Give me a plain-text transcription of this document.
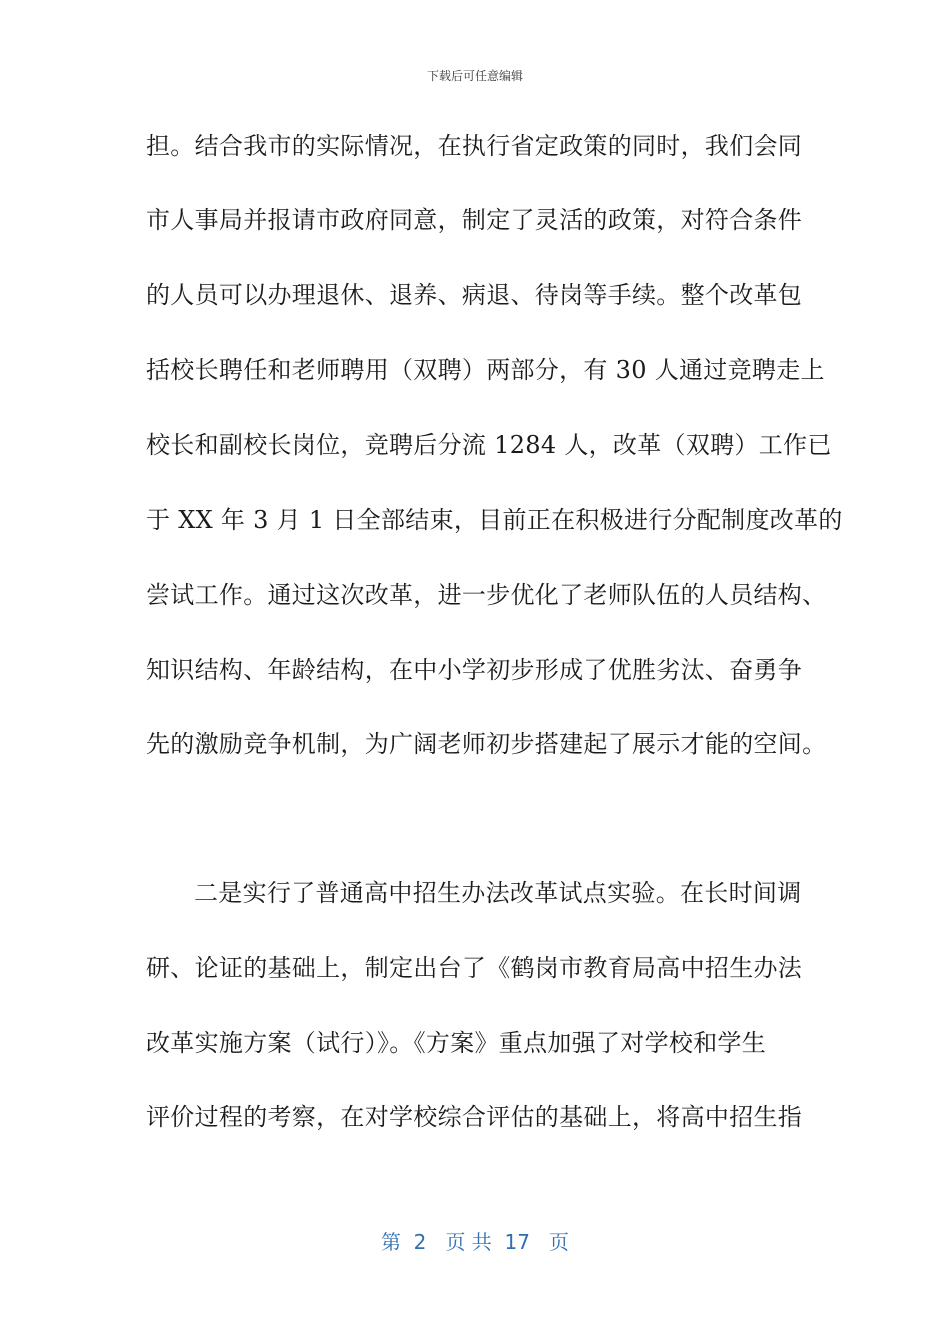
下载后可任意编辑
担。结合我市的实际情况，在执行省定政策的同时，我们会同
市人事局并报请市政府同意，制定了灵活的政策，对符合条件
的人员可以办理退休、退养、病退、待岗等手续。整个改革包
括校长聘任和老师聘用（双聘）两部分，有 30 人通过竞聘走上
校长和副校长岗位，竞聘后分流 1284 人，改革（双聘）工作已
于 XX 年 3 月 1 日全部结束，目前正在积极进行分配制度改革的
尝试工作。通过这次改革，进一步优化了老师队伍的人员结构、
知识结构、年龄结构，在中小学初步形成了优胜劣汰、奋勇争
先的激励竞争机制，为广阔老师初步搭建起了展示才能的空间。
二是实行了普通高中招生办法改革试点实验。在长时间调
研、论证的基础上，制定出台了《鹤岗市教育局高中招生办法
改革实施方案（试行）》。《方案》重点加强了对学校和学生
评价过程的考察，在对学校综合评估的基础上，将高中招生指
第  2   页 共  17   页
